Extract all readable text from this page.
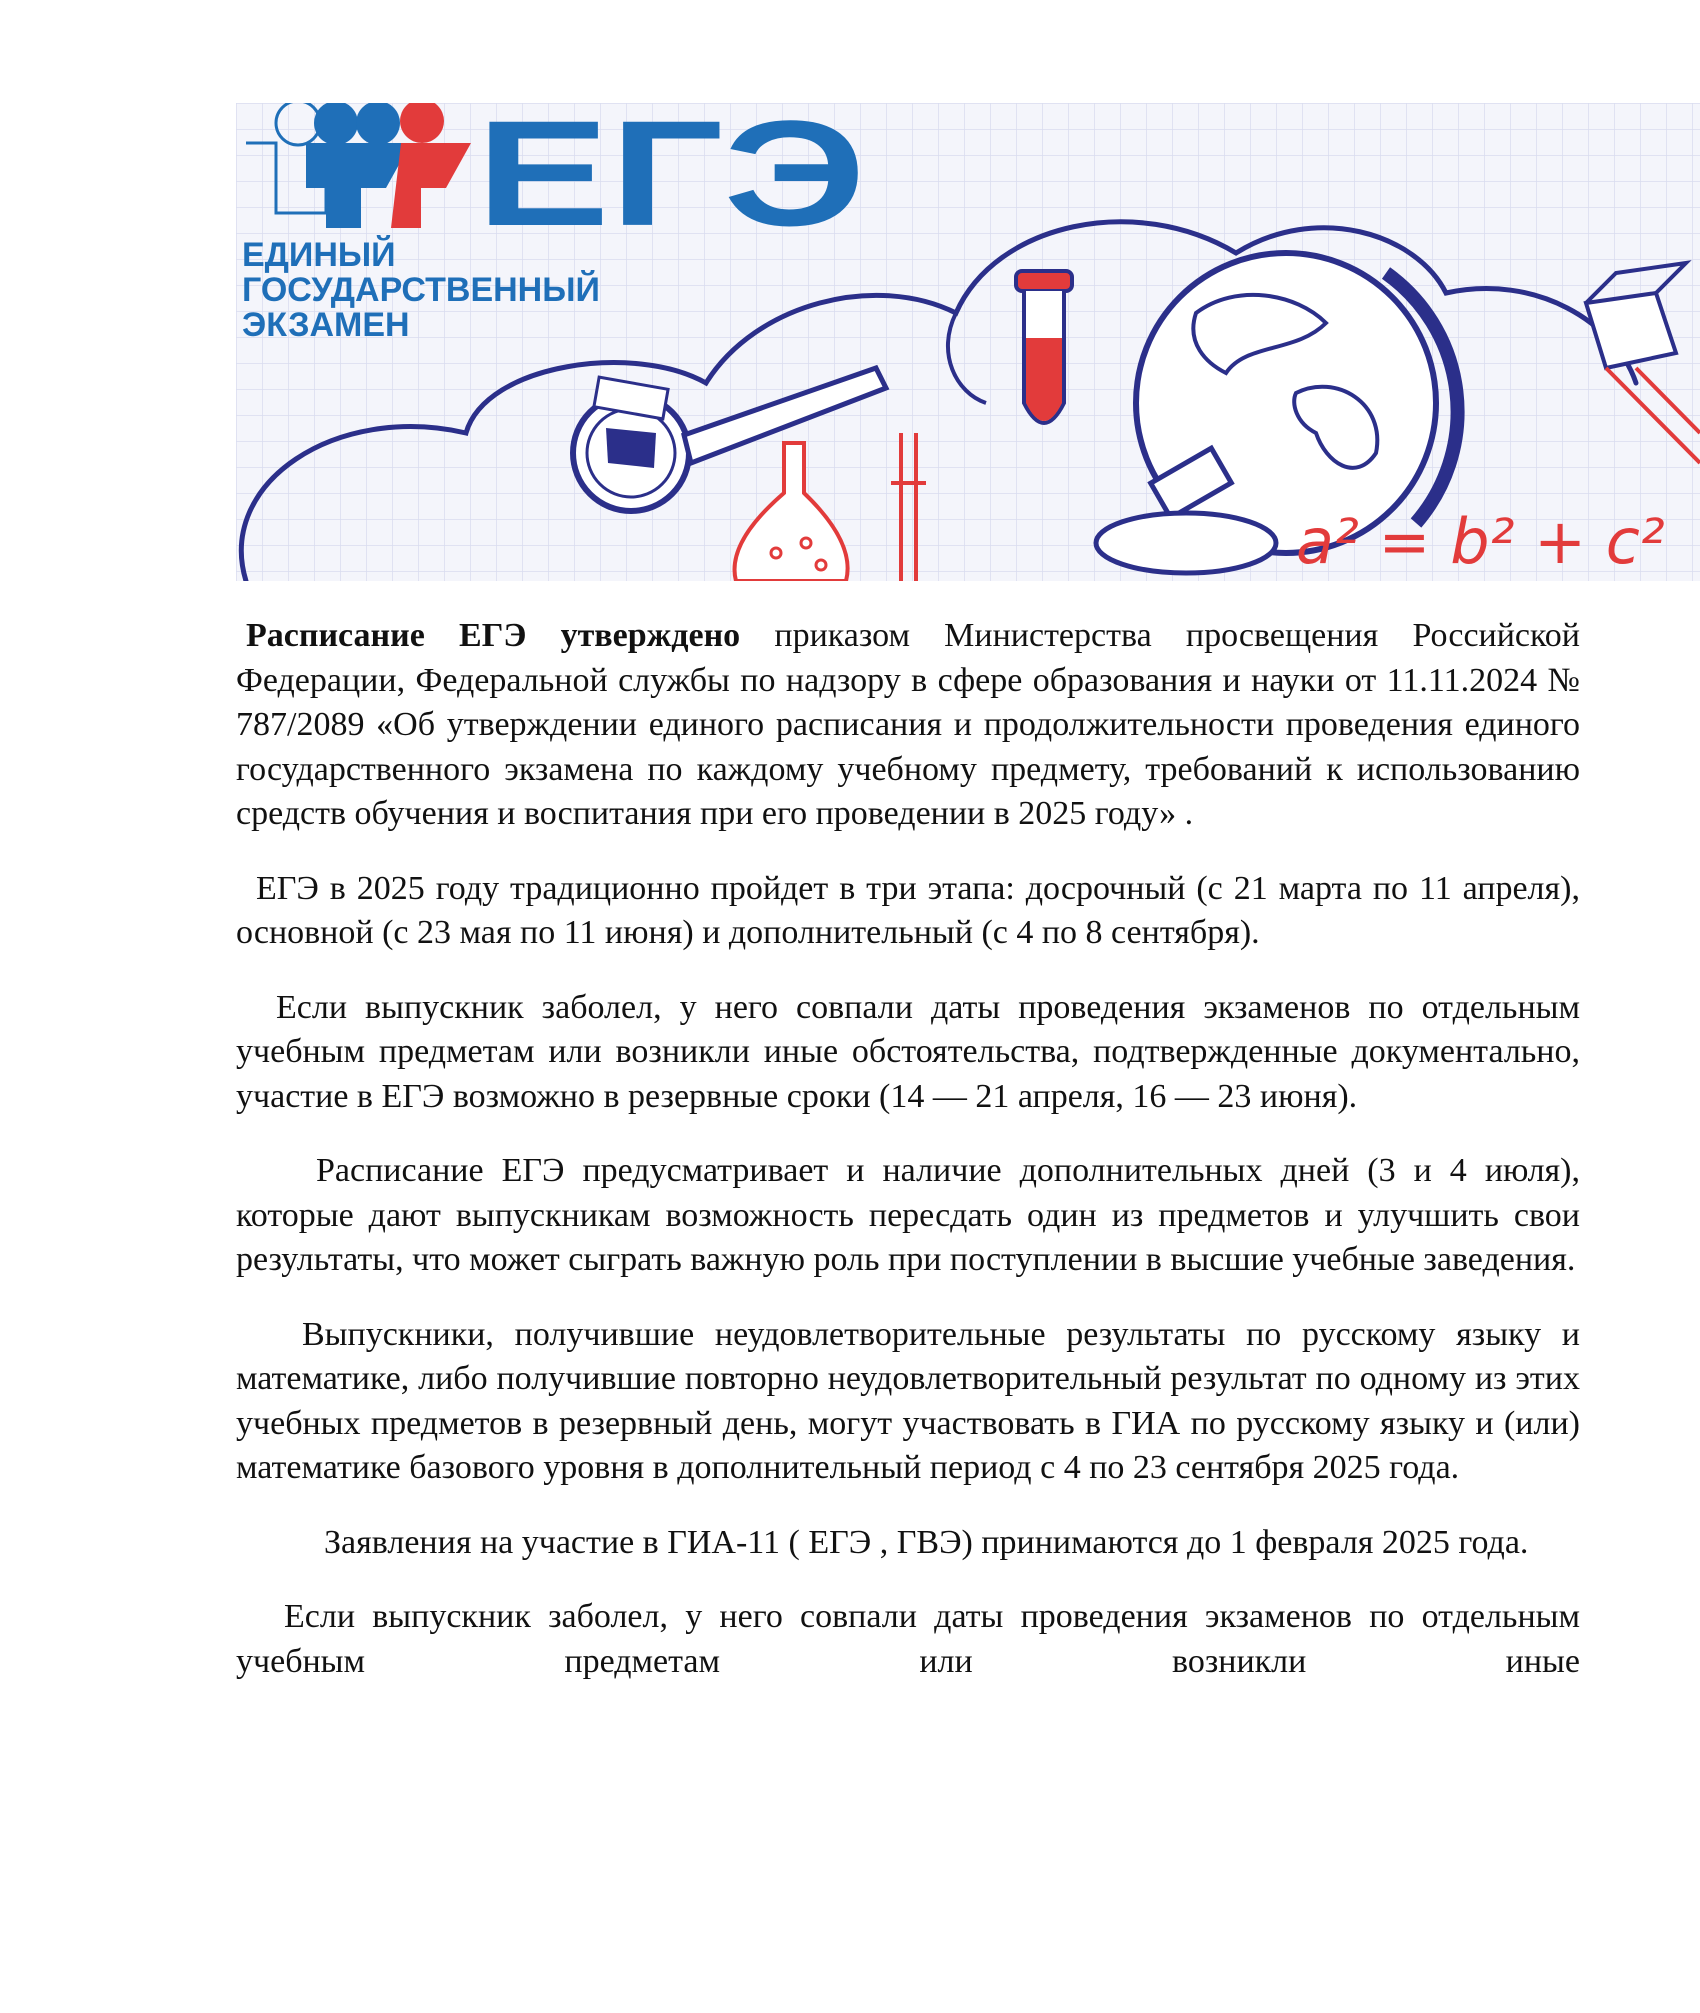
ЕГЭ
ЕДИНЫЙ
ГОСУДАРСТВЕННЫЙ
ЭКЗАМЕН
a² = b² + c²

Расписание ЕГЭ утверждено приказом Министерства просвещения Российской Федерации, Федеральной службы по надзору в сфере образования и науки от 11.11.2024 № 787/2089 «Об утверждении единого расписания и продолжительности проведения единого государственного экзамена по каждому учебному предмету, требований к использованию средств обучения и воспитания при его проведении в 2025 году» .

ЕГЭ в 2025 году традиционно пройдет в три этапа: досрочный (с 21 марта по 11 апреля), основной (с 23 мая по 11 июня) и дополнительный (с 4 по 8 сентября).

Если выпускник заболел, у него совпали даты проведения экзаменов по отдельным учебным предметам или возникли иные обстоятельства, подтвержденные документально, участие в ЕГЭ возможно в резервные сроки (14 — 21 апреля, 16 — 23 июня).

Расписание ЕГЭ предусматривает и наличие дополнительных дней (3 и 4 июля), которые дают выпускникам возможность пересдать один из предметов и улучшить свои результаты, что может сыграть важную роль при поступлении в высшие учебные заведения.

Выпускники, получившие неудовлетворительные результаты по русскому языку и математике, либо получившие повторно неудовлетворительный результат по одному из этих учебных предметов в резервный день, могут участвовать в ГИА по русскому языку и (или) математике базового уровня в дополнительный период с 4 по 23 сентября 2025 года.

Заявления на участие в ГИА-11 ( ЕГЭ , ГВЭ) принимаются до 1 февраля 2025 года.

Если выпускник заболел, у него совпали даты проведения экзаменов по отдельным учебным предметам или возникли иные
